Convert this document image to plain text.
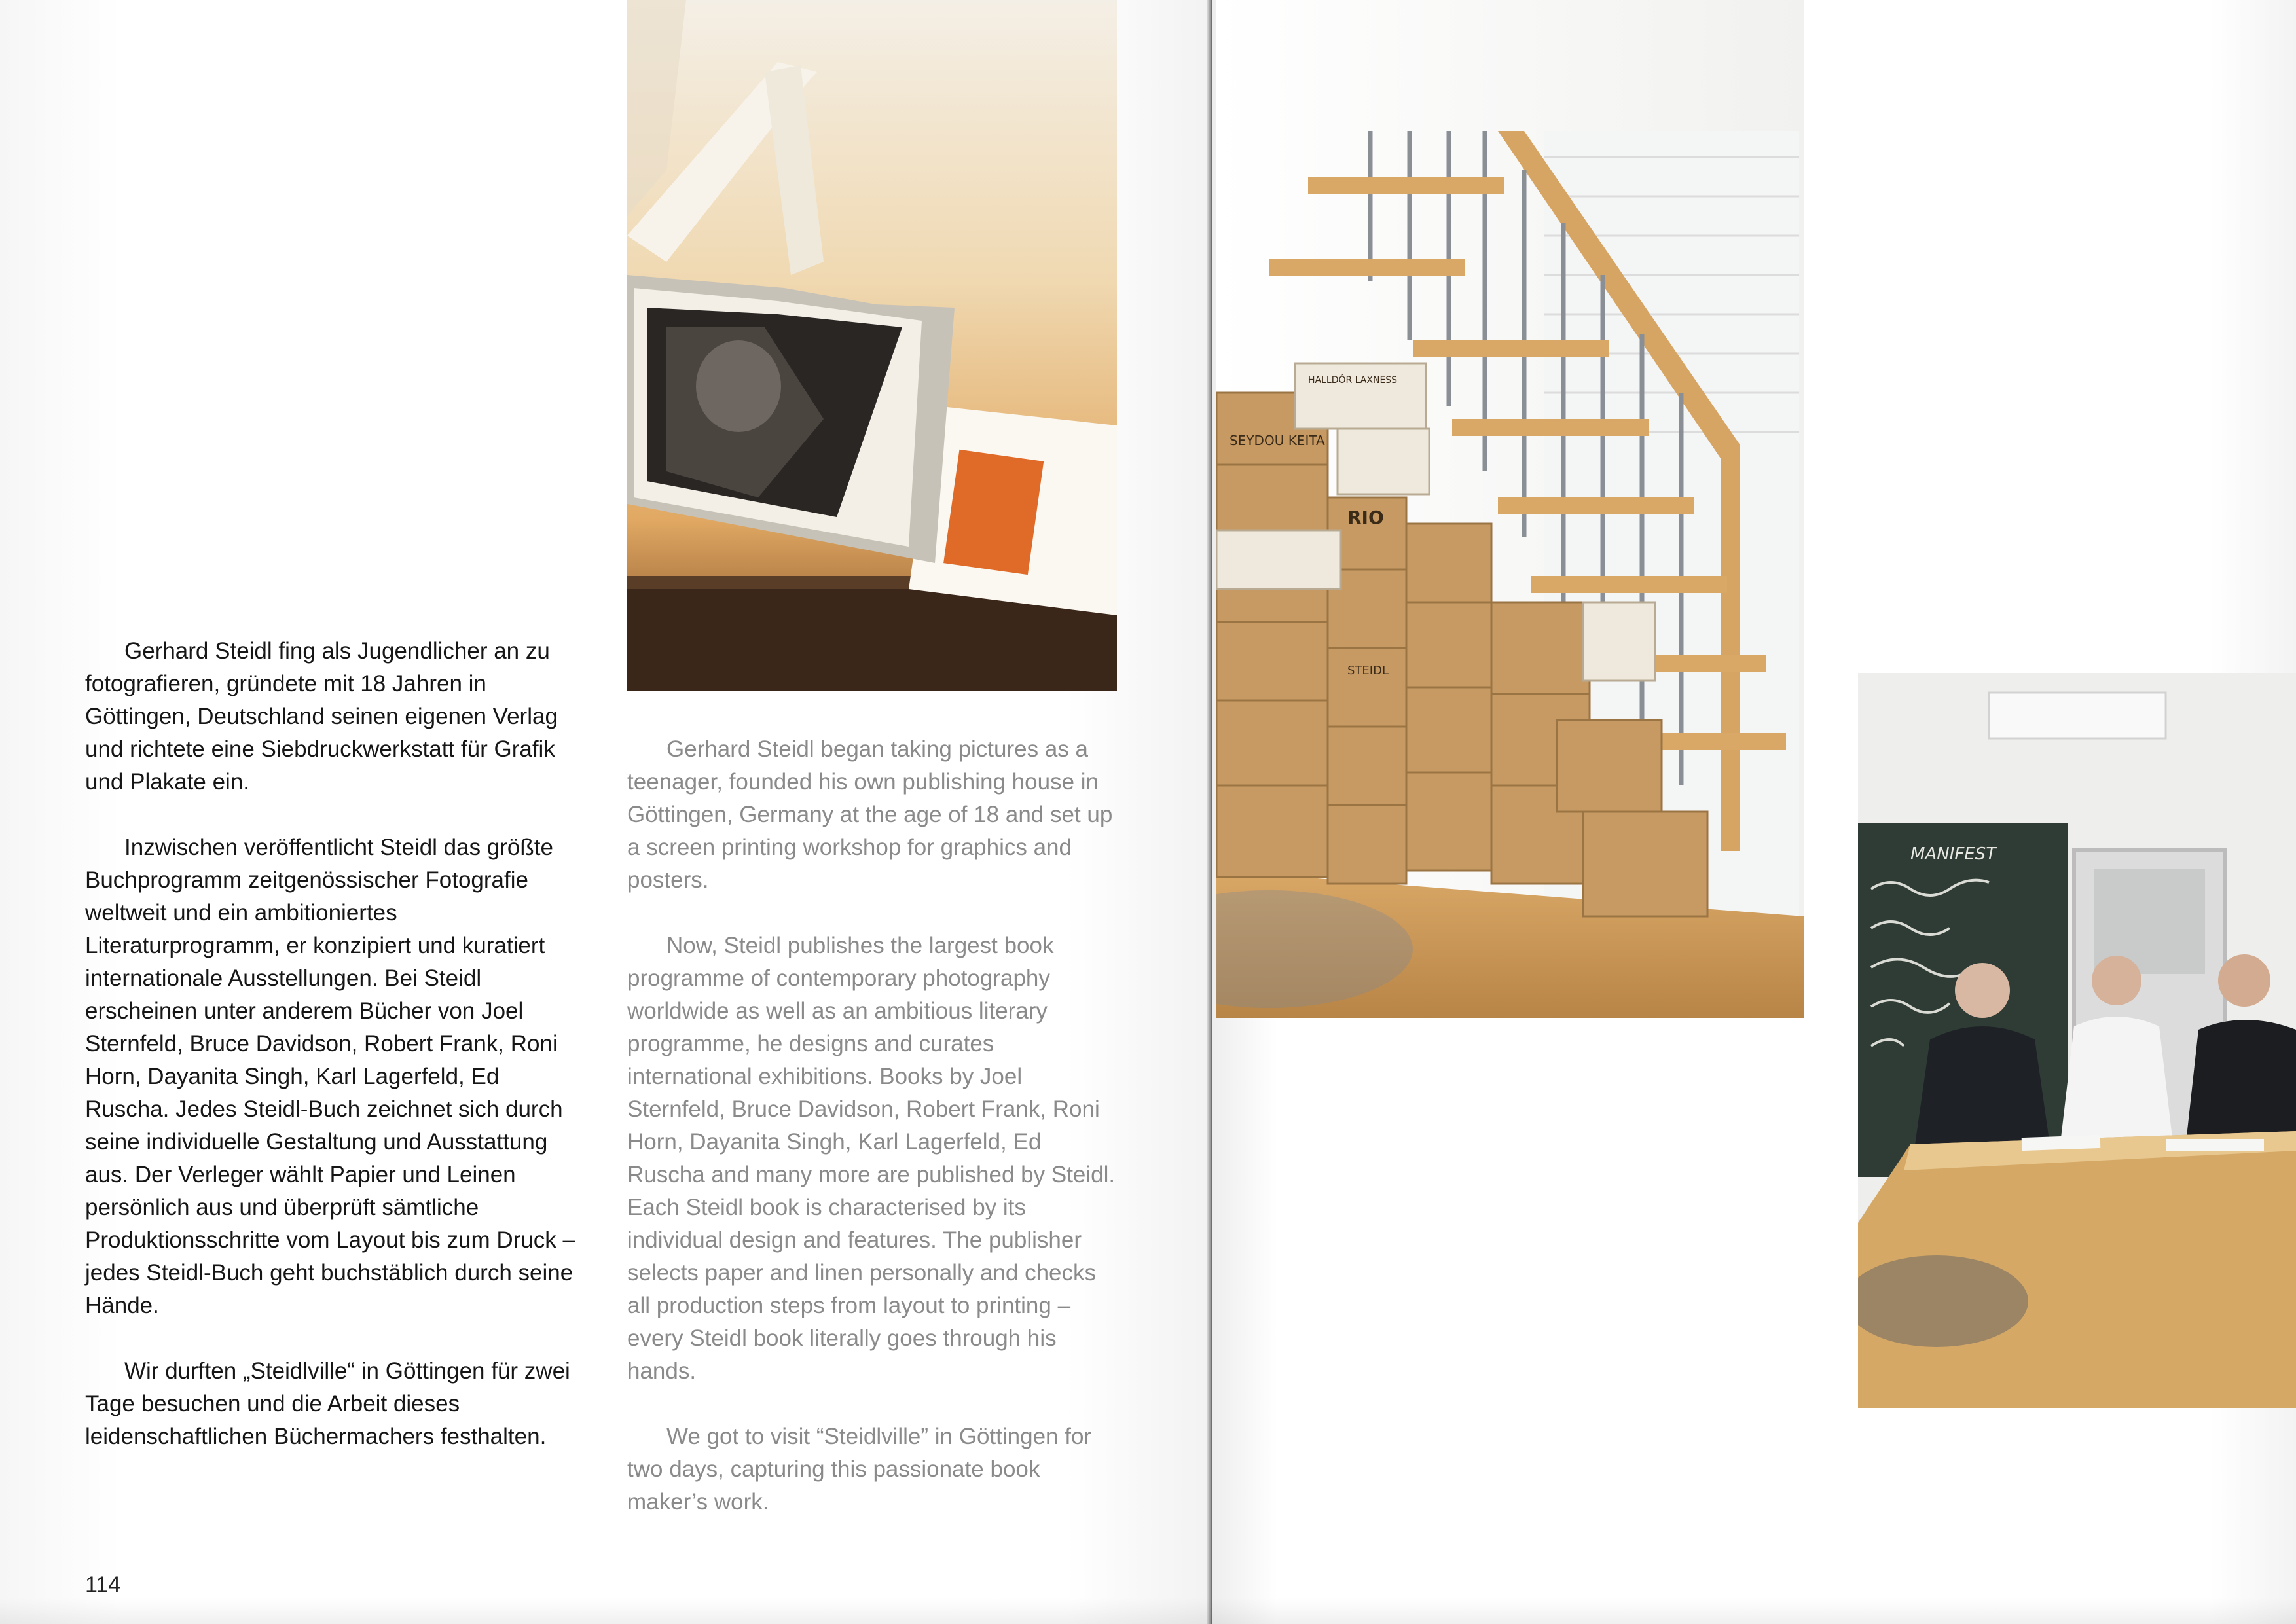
Gerhard Steidl fing als Jugendlicher an zu fotografieren, gründete mit 18 Jahren in Göttingen, Deutschland seinen eigenen Verlag und richtete eine Siebdruckwerkstatt für Grafik und Plakate ein.

Inzwischen veröffentlicht Steidl das größte Buchprogramm zeitgenössischer Fotografie weltweit und ein ambitioniertes Literaturprogramm, er konzipiert und kuratiert internationale Ausstellungen. Bei Steidl erscheinen unter anderem Bücher von Joel Sternfeld, Bruce Davidson, Robert Frank, Roni Horn, Dayanita Singh, Karl Lagerfeld, Ed Ruscha. Jedes Steidl-Buch zeichnet sich durch seine individuelle Gestaltung und Ausstattung aus. Der Verleger wählt Papier und Leinen persönlich aus und überprüft sämtliche Produktionsschritte vom Layout bis zum Druck – jedes Steidl-Buch geht buchstäblich durch seine Hände.

Wir durften „Steidlville“ in Göttingen für zwei Tage besuchen und die Arbeit dieses leidenschaftlichen Büchermachers festhalten.

Gerhard Steidl began taking pictures as a teenager, founded his own publishing house in Göttingen, Germany at the age of 18 and set up a screen printing workshop for graphics and posters.

Now, Steidl publishes the largest book programme of contemporary photography worldwide as well as an ambitious literary programme, he designs and curates international exhibitions. Books by Joel Sternfeld, Bruce Davidson, Robert Frank, Roni Horn, Dayanita Singh, Karl Lagerfeld, Ed Ruscha and many more are published by Steidl. Each Steidl book is characterised by its individual design and features. The publisher selects paper and linen personally and checks all production steps from layout to printing – every Steidl book literally goes through his hands.

We got to visit “Steidlville” in Göttingen for two days, capturing this passionate book maker’s work.

114
SEYDOU KEITA
HALLDÓR LAXNESS
RIO
STEIDL
MANIFEST
